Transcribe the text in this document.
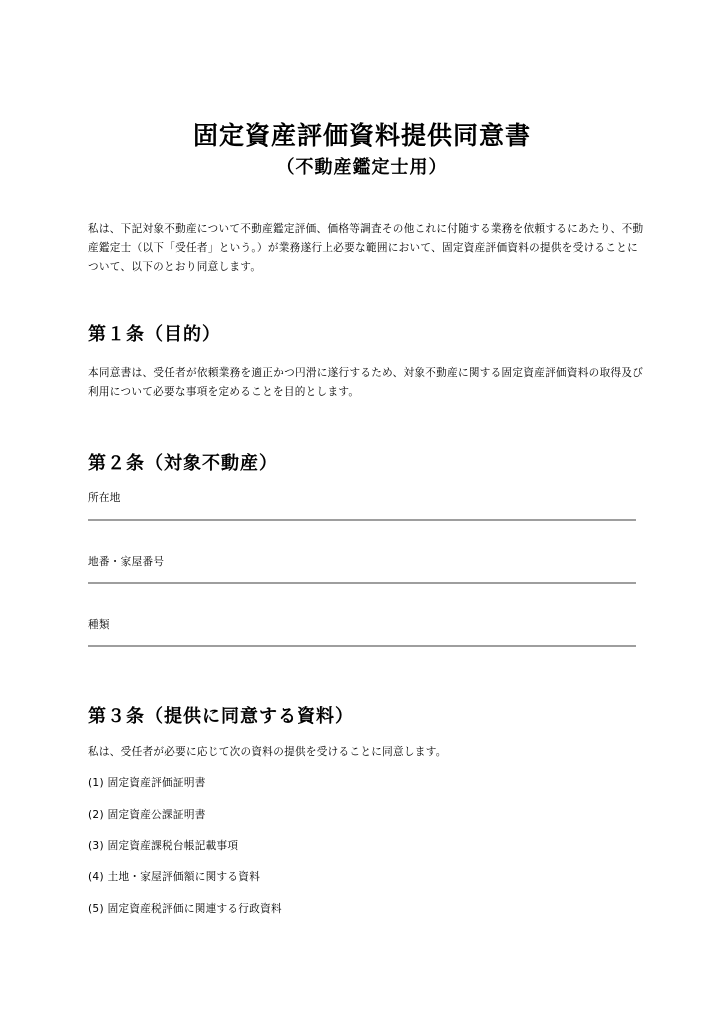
固定資産評価資料提供同意書
（不動産鑑定士用）

私は、下記対象不動産について不動産鑑定評価、価格等調査その他これに付随する業務を依頼するにあたり、不動産鑑定士（以下「受任者」という。）が業務遂行上必要な範囲において、固定資産評価資料の提供を受けることについて、以下のとおり同意します。

第１条（目的）

本同意書は、受任者が依頼業務を適正かつ円滑に遂行するため、対象不動産に関する固定資産評価資料の取得及び利用について必要な事項を定めることを目的とします。

第２条（対象不動産）
所在地
地番・家屋番号
種類
第３条（提供に同意する資料）

私は、受任者が必要に応じて次の資料の提供を受けることに同意します。

(1) 固定資産評価証明書
(2) 固定資産公課証明書
(3) 固定資産課税台帳記載事項
(4) 土地・家屋評価額に関する資料
(5) 固定資産税評価に関連する行政資料
